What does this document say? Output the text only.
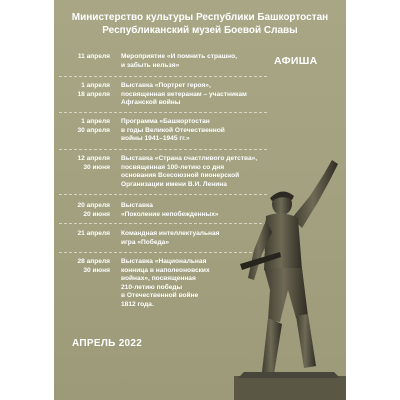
Министерство культуры Республики Башкортостан
Республиканский музей Боевой Славы
АФИША
11 апреля Мероприятие «И помнить страшно,
и забыть нельзя»
1 апреля
18 апреля
Выставка «Портрет героя»,
посвященная ветеранам – участникам
Афганской войны
1 апреля
30 апреля
Программа «Башкортостан
в годы Великой Отечественной
войны 1941–1945 гг.»
12 апреля
30 июня
Выставка «Страна счастливого детства»,
посвященная 100-летию со дня
основания Всесоюзной пионерской
Организации имени В.И. Ленина
20 апреля
20 июня
Выставка
«Поколение непобежденных»
21 апреля Командная интеллектуальная
игра «Победа»
28 апреля
30 июня
Выставка «Национальная
конница в наполеоновских
войнах», посвященная
210-летию победы
в Отечественной войне
1812 года.
АПРЕЛЬ 2022
